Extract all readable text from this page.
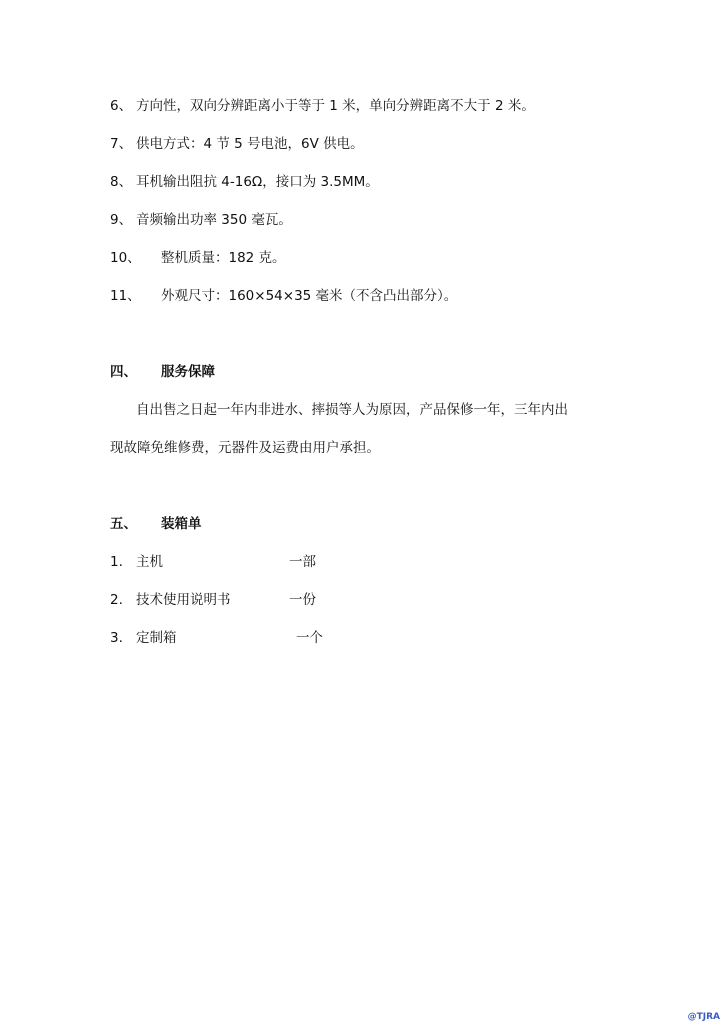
6、 方向性，双向分辨距离小于等于 1 米，单向分辨距离不大于 2 米。
7、 供电方式：4 节 5 号电池，6V 供电。
8、 耳机输出阻抗 4-16Ω，接口为 3.5MM。
9、 音频输出功率 350 毫瓦。
10、 整机质量：182 克。
11、 外观尺寸：160×54×35 毫米（不含凸出部分）。
四、 服务保障
自出售之日起一年内非进水、摔损等人为原因，产品保修一年，三年内出
现故障免维修费，元器件及运费由用户承担。
五、 装箱单
1. 主机	一部
2. 技术使用说明书	一份
3. 定制箱	一个
@TJRA
